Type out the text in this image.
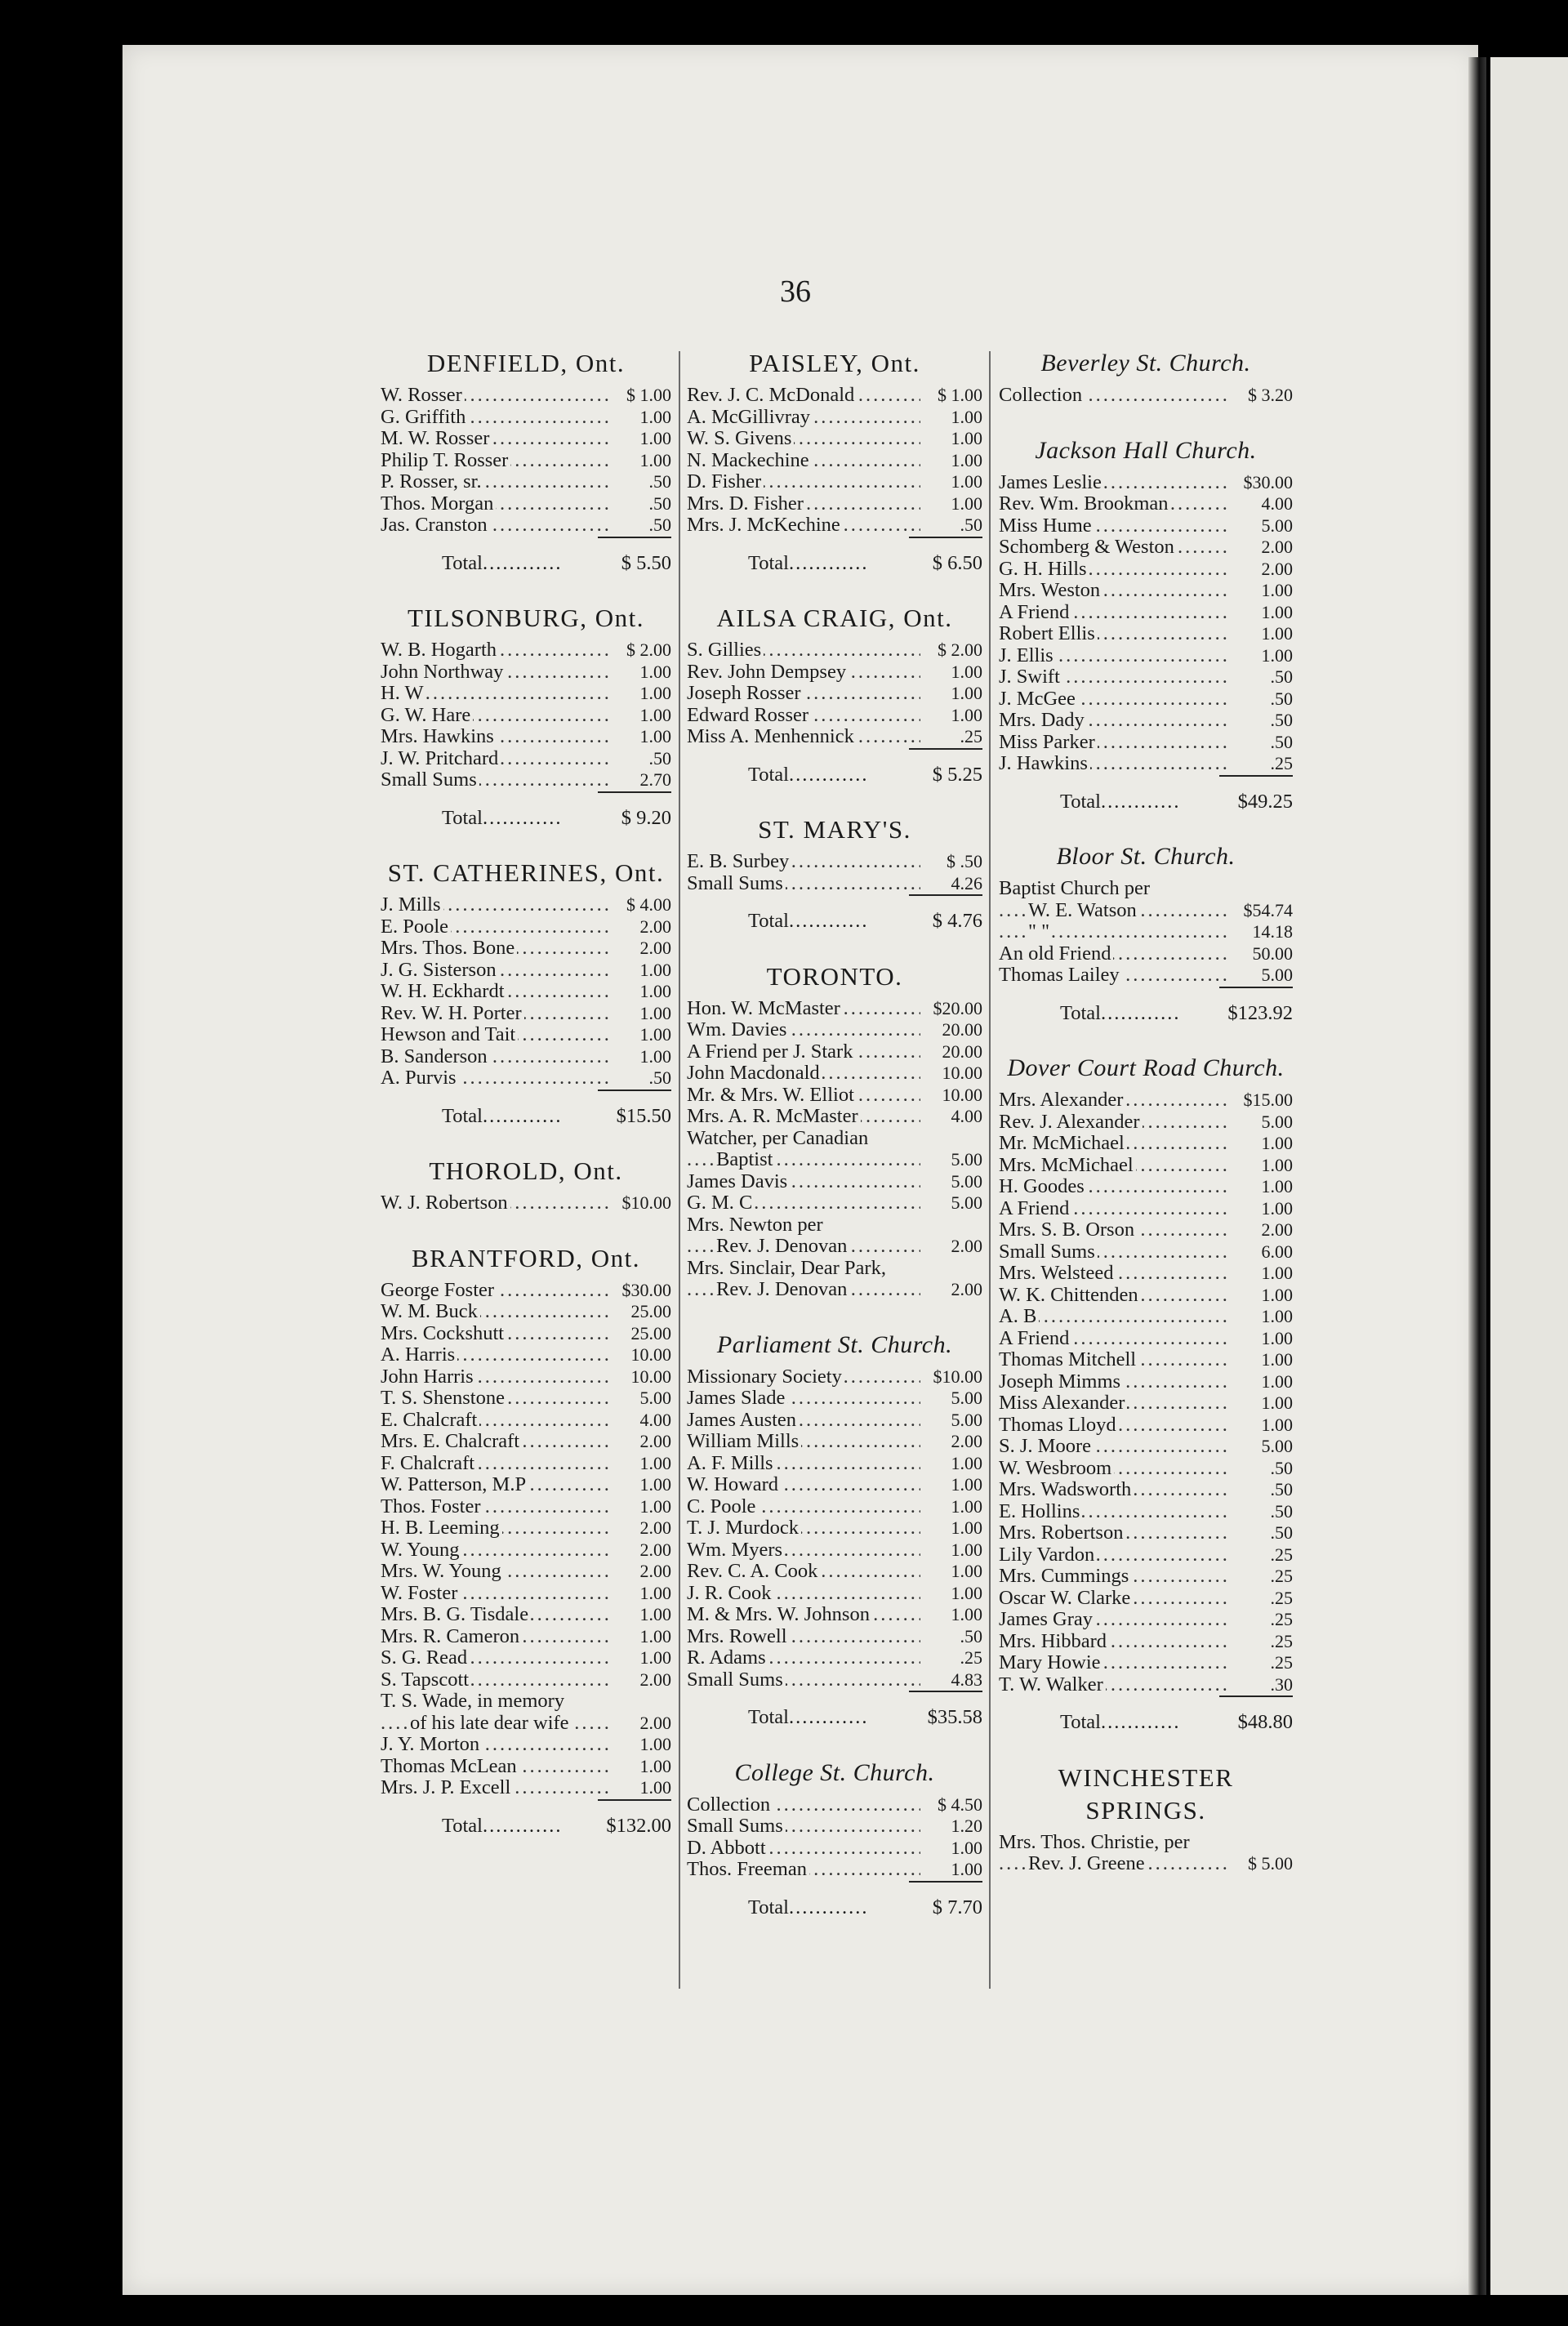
36
DENFIELD, Ont.
W. Rosser .....	$ 1.00
G. Griffith .....	1.00
M. W. Rosser .....	1.00
Philip T. Rosser .....	1.00
P. Rosser, sr. .....	.50
Thos. Morgan .....	.50
Jas. Cranston .....	.50
Total .....	$ 5.50
TILSONBURG, Ont.
W. B. Hogarth .....	$ 2.00
John Northway .....	1.00
H. W .....	1.00
G. W. Hare .....	1.00
Mrs. Hawkins .....	1.00
J. W. Pritchard .....	.50
Small Sums .....	2.70
Total .....	$ 9.20
ST. CATHERINES, Ont.
J. Mills .....	$ 4.00
E. Poole .....	2.00
Mrs. Thos. Bone .....	2.00
J. G. Sisterson .....	1.00
W. H. Eckhardt .....	1.00
Rev. W. H. Porter .....	1.00
Hewson and Tait .....	1.00
B. Sanderson .....	1.00
A. Purvis .....	.50
Total .....	$15.50
THOROLD, Ont.
W. J. Robertson .....	$10.00
BRANTFORD, Ont.
George Foster .....	$30.00
W. M. Buck .....	25.00
Mrs. Cockshutt .....	25.00
A. Harris .....	10.00
John Harris .....	10.00
T. S. Shenstone .....	5.00
E. Chalcraft .....	4.00
Mrs. E. Chalcraft .....	2.00
F. Chalcraft .....	1.00
W. Patterson, M.P .....	1.00
Thos. Foster .....	1.00
H. B. Leeming .....	2.00
W. Young .....	2.00
Mrs. W. Young .....	2.00
W. Foster .....	1.00
Mrs. B. G. Tisdale .....	1.00
Mrs. R. Cameron .....	1.00
S. G. Read .....	1.00
S. Tapscott .....	2.00
T. S. Wade, in memory
of his late dear wife .....	2.00
J. Y. Morton .....	1.00
Thomas McLean .....	1.00
Mrs. J. P. Excell .....	1.00
Total .....	$132.00
PAISLEY, Ont.
Rev. J. C. McDonald .....	$ 1.00
A. McGillivray .....	1.00
W. S. Givens .....	1.00
N. Mackechine .....	1.00
D. Fisher .....	1.00
Mrs. D. Fisher .....	1.00
Mrs. J. McKechine .....	.50
Total .....	$ 6.50
AILSA CRAIG, Ont.
S. Gillies .....	$ 2.00
Rev. John Dempsey .....	1.00
Joseph Rosser .....	1.00
Edward Rosser .....	1.00
Miss A. Menhennick .....	.25
Total .....	$ 5.25
ST. MARY'S.
E. B. Surbey .....	$ .50
Small Sums .....	4.26
Total .....	$ 4.76
TORONTO.
Hon. W. McMaster .....	$20.00
Wm. Davies .....	20.00
A Friend per J. Stark .....	20.00
John Macdonald .....	10.00
Mr. & Mrs. W. Elliot .....	10.00
Mrs. A. R. McMaster .....	4.00
Watcher, per Canadian
Baptist .....	5.00
James Davis .....	5.00
G. M. C .....	5.00
Mrs. Newton per
Rev. J. Denovan .....	2.00
Mrs. Sinclair, Dear Park,
Rev. J. Denovan .....	2.00
Parliament St. Church.
Missionary Society .....	$10.00
James Slade .....	5.00
James Austen .....	5.00
William Mills .....	2.00
A. F. Mills .....	1.00
W. Howard .....	1.00
C. Poole .....	1.00
T. J. Murdock .....	1.00
Wm. Myers .....	1.00
Rev. C. A. Cook .....	1.00
J. R. Cook .....	1.00
M. & Mrs. W. Johnson .....	1.00
Mrs. Rowell .....	.50
R. Adams .....	.25
Small Sums .....	4.83
Total .....	$35.58
College St. Church.
Collection .....	$ 4.50
Small Sums .....	1.20
D. Abbott .....	1.00
Thos. Freeman .....	1.00
Total .....	$ 7.70
Beverley St. Church.
Collection .....	$ 3.20
Jackson Hall Church.
James Leslie .....	$30.00
Rev. Wm. Brookman .....	4.00
Miss Hume .....	5.00
Schomberg & Weston .....	2.00
G. H. Hills .....	2.00
Mrs. Weston .....	1.00
A Friend .....	1.00
Robert Ellis .....	1.00
J. Ellis .....	1.00
J. Swift .....	.50
J. McGee .....	.50
Mrs. Dady .....	.50
Miss Parker .....	.50
J. Hawkins .....	.25
Total .....	$49.25
Bloor St. Church.
Baptist Church per
W. E. Watson .....	$54.74
" " .....	14.18
An old Friend .....	50.00
Thomas Lailey .....	5.00
Total .....	$123.92
Dover Court Road Church.
Mrs. Alexander .....	$15.00
Rev. J. Alexander .....	5.00
Mr. McMichael .....	1.00
Mrs. McMichael .....	1.00
H. Goodes .....	1.00
A Friend .....	1.00
Mrs. S. B. Orson .....	2.00
Small Sums .....	6.00
Mrs. Welsteed .....	1.00
W. K. Chittenden .....	1.00
A. B .....	1.00
A Friend .....	1.00
Thomas Mitchell .....	1.00
Joseph Mimms .....	1.00
Miss Alexander .....	1.00
Thomas Lloyd .....	1.00
S. J. Moore .....	5.00
W. Wesbroom .....	.50
Mrs. Wadsworth .....	.50
E. Hollins .....	.50
Mrs. Robertson .....	.50
Lily Vardon .....	.25
Mrs. Cummings .....	.25
Oscar W. Clarke .....	.25
James Gray .....	.25
Mrs. Hibbard .....	.25
Mary Howie .....	.25
T. W. Walker .....	.30
Total .....	$48.80
WINCHESTER SPRINGS.
Mrs. Thos. Christie, per
Rev. J. Greene .....	$ 5.00
